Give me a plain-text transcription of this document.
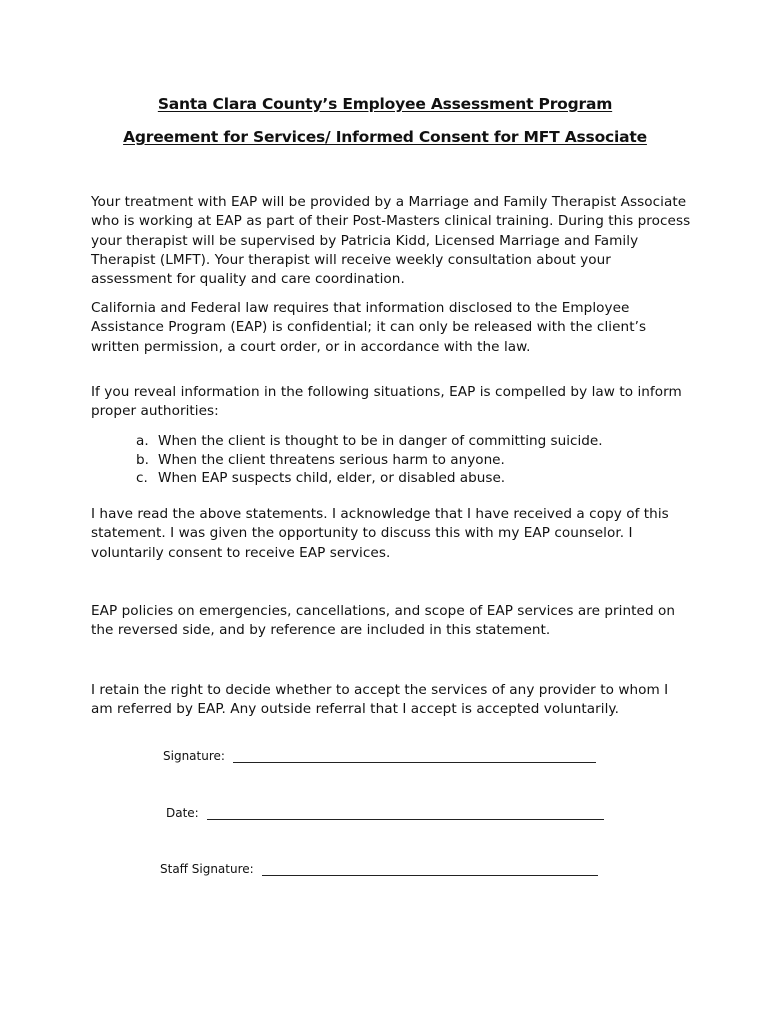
Santa Clara County’s Employee Assessment Program
Agreement for Services/ Informed Consent for MFT Associate
Your treatment with EAP will be provided by a Marriage and Family Therapist Associate who is working at EAP as part of their Post-Masters clinical training. During this process your therapist will be supervised by Patricia Kidd, Licensed Marriage and Family Therapist (LMFT). Your therapist will receive weekly consultation about your assessment for quality and care coordination.
California and Federal law requires that information disclosed to the Employee Assistance Program (EAP) is confidential; it can only be released with the client’s written permission, a court order, or in accordance with the law.
If you reveal information in the following situations, EAP is compelled by law to inform proper authorities:
a. When the client is thought to be in danger of committing suicide.
b. When the client threatens serious harm to anyone.
c. When EAP suspects child, elder, or disabled abuse.
I have read the above statements. I acknowledge that I have received a copy of this statement. I was given the opportunity to discuss this with my EAP counselor. I voluntarily consent to receive EAP services.
EAP policies on emergencies, cancellations, and scope of EAP services are printed on the reversed side, and by reference are included in this statement.
I retain the right to decide whether to accept the services of any provider to whom I am referred by EAP. Any outside referral that I accept is accepted voluntarily.
Signature:
Date:
Staff Signature:
